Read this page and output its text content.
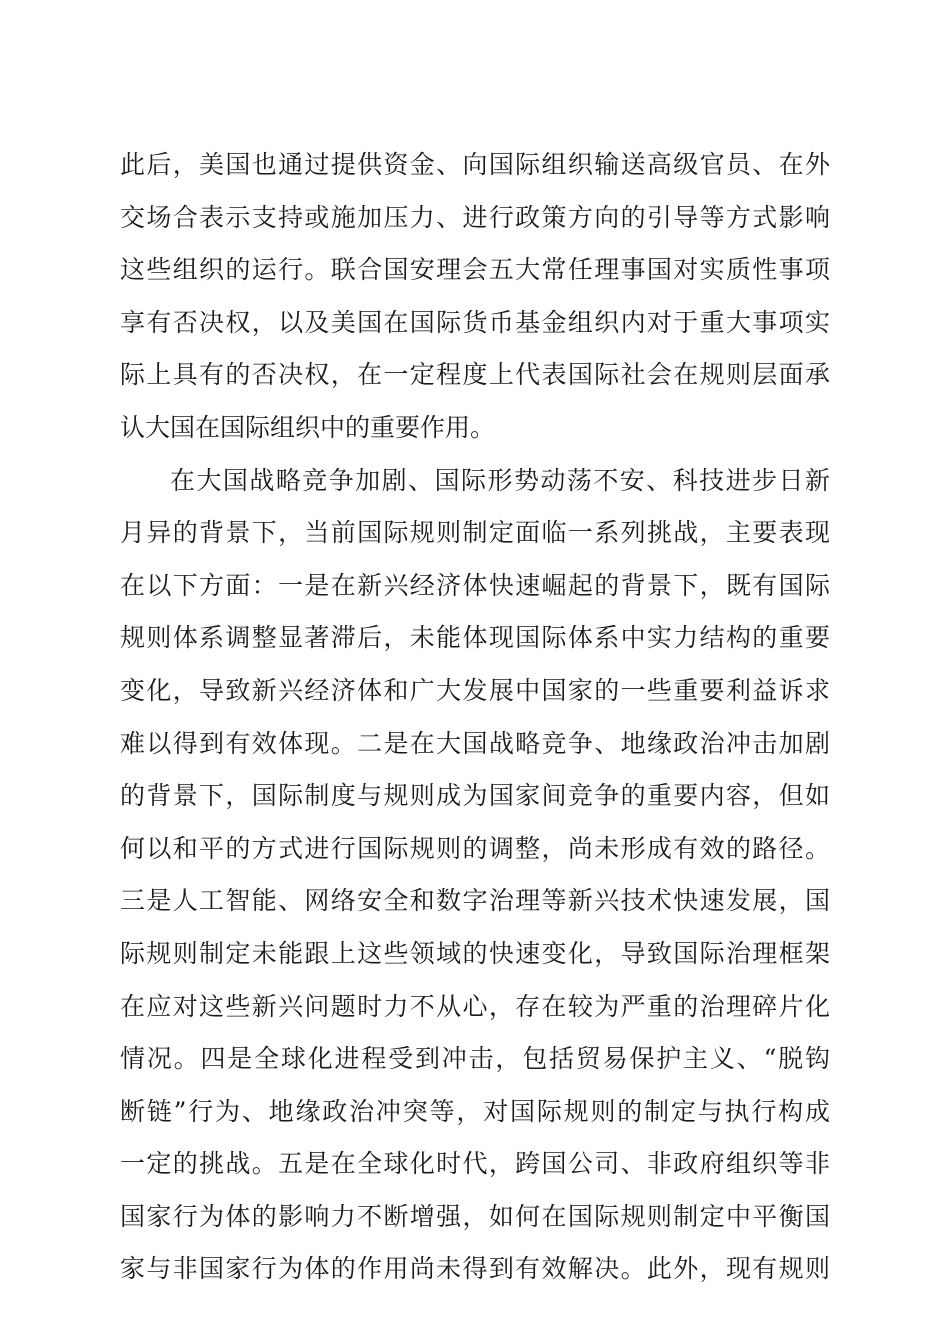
此后，美国也通过提供资金、向国际组织输送高级官员、在外
交场合表示支持或施加压力、进行政策方向的引导等方式影响
这些组织的运行。联合国安理会五大常任理事国对实质性事项
享有否决权，以及美国在国际货币基金组织内对于重大事项实
际上具有的否决权，在一定程度上代表国际社会在规则层面承
认大国在国际组织中的重要作用。
在大国战略竞争加剧、国际形势动荡不安、科技进步日新
月异的背景下，当前国际规则制定面临一系列挑战，主要表现
在以下方面：一是在新兴经济体快速崛起的背景下，既有国际
规则体系调整显著滞后，未能体现国际体系中实力结构的重要
变化，导致新兴经济体和广大发展中国家的一些重要利益诉求
难以得到有效体现。二是在大国战略竞争、地缘政治冲击加剧
的背景下，国际制度与规则成为国家间竞争的重要内容，但如
何以和平的方式进行国际规则的调整，尚未形成有效的路径。
三是人工智能、网络安全和数字治理等新兴技术快速发展，国
际规则制定未能跟上这些领域的快速变化，导致国际治理框架
在应对这些新兴问题时力不从心，存在较为严重的治理碎片化
情况。四是全球化进程受到冲击，包括贸易保护主义、“脱钩
断链”行为、地缘政治冲突等，对国际规则的制定与执行构成
一定的挑战。五是在全球化时代，跨国公司、非政府组织等非
国家行为体的影响力不断增强，如何在国际规则制定中平衡国
家与非国家行为体的作用尚未得到有效解决。此外，现有规则
